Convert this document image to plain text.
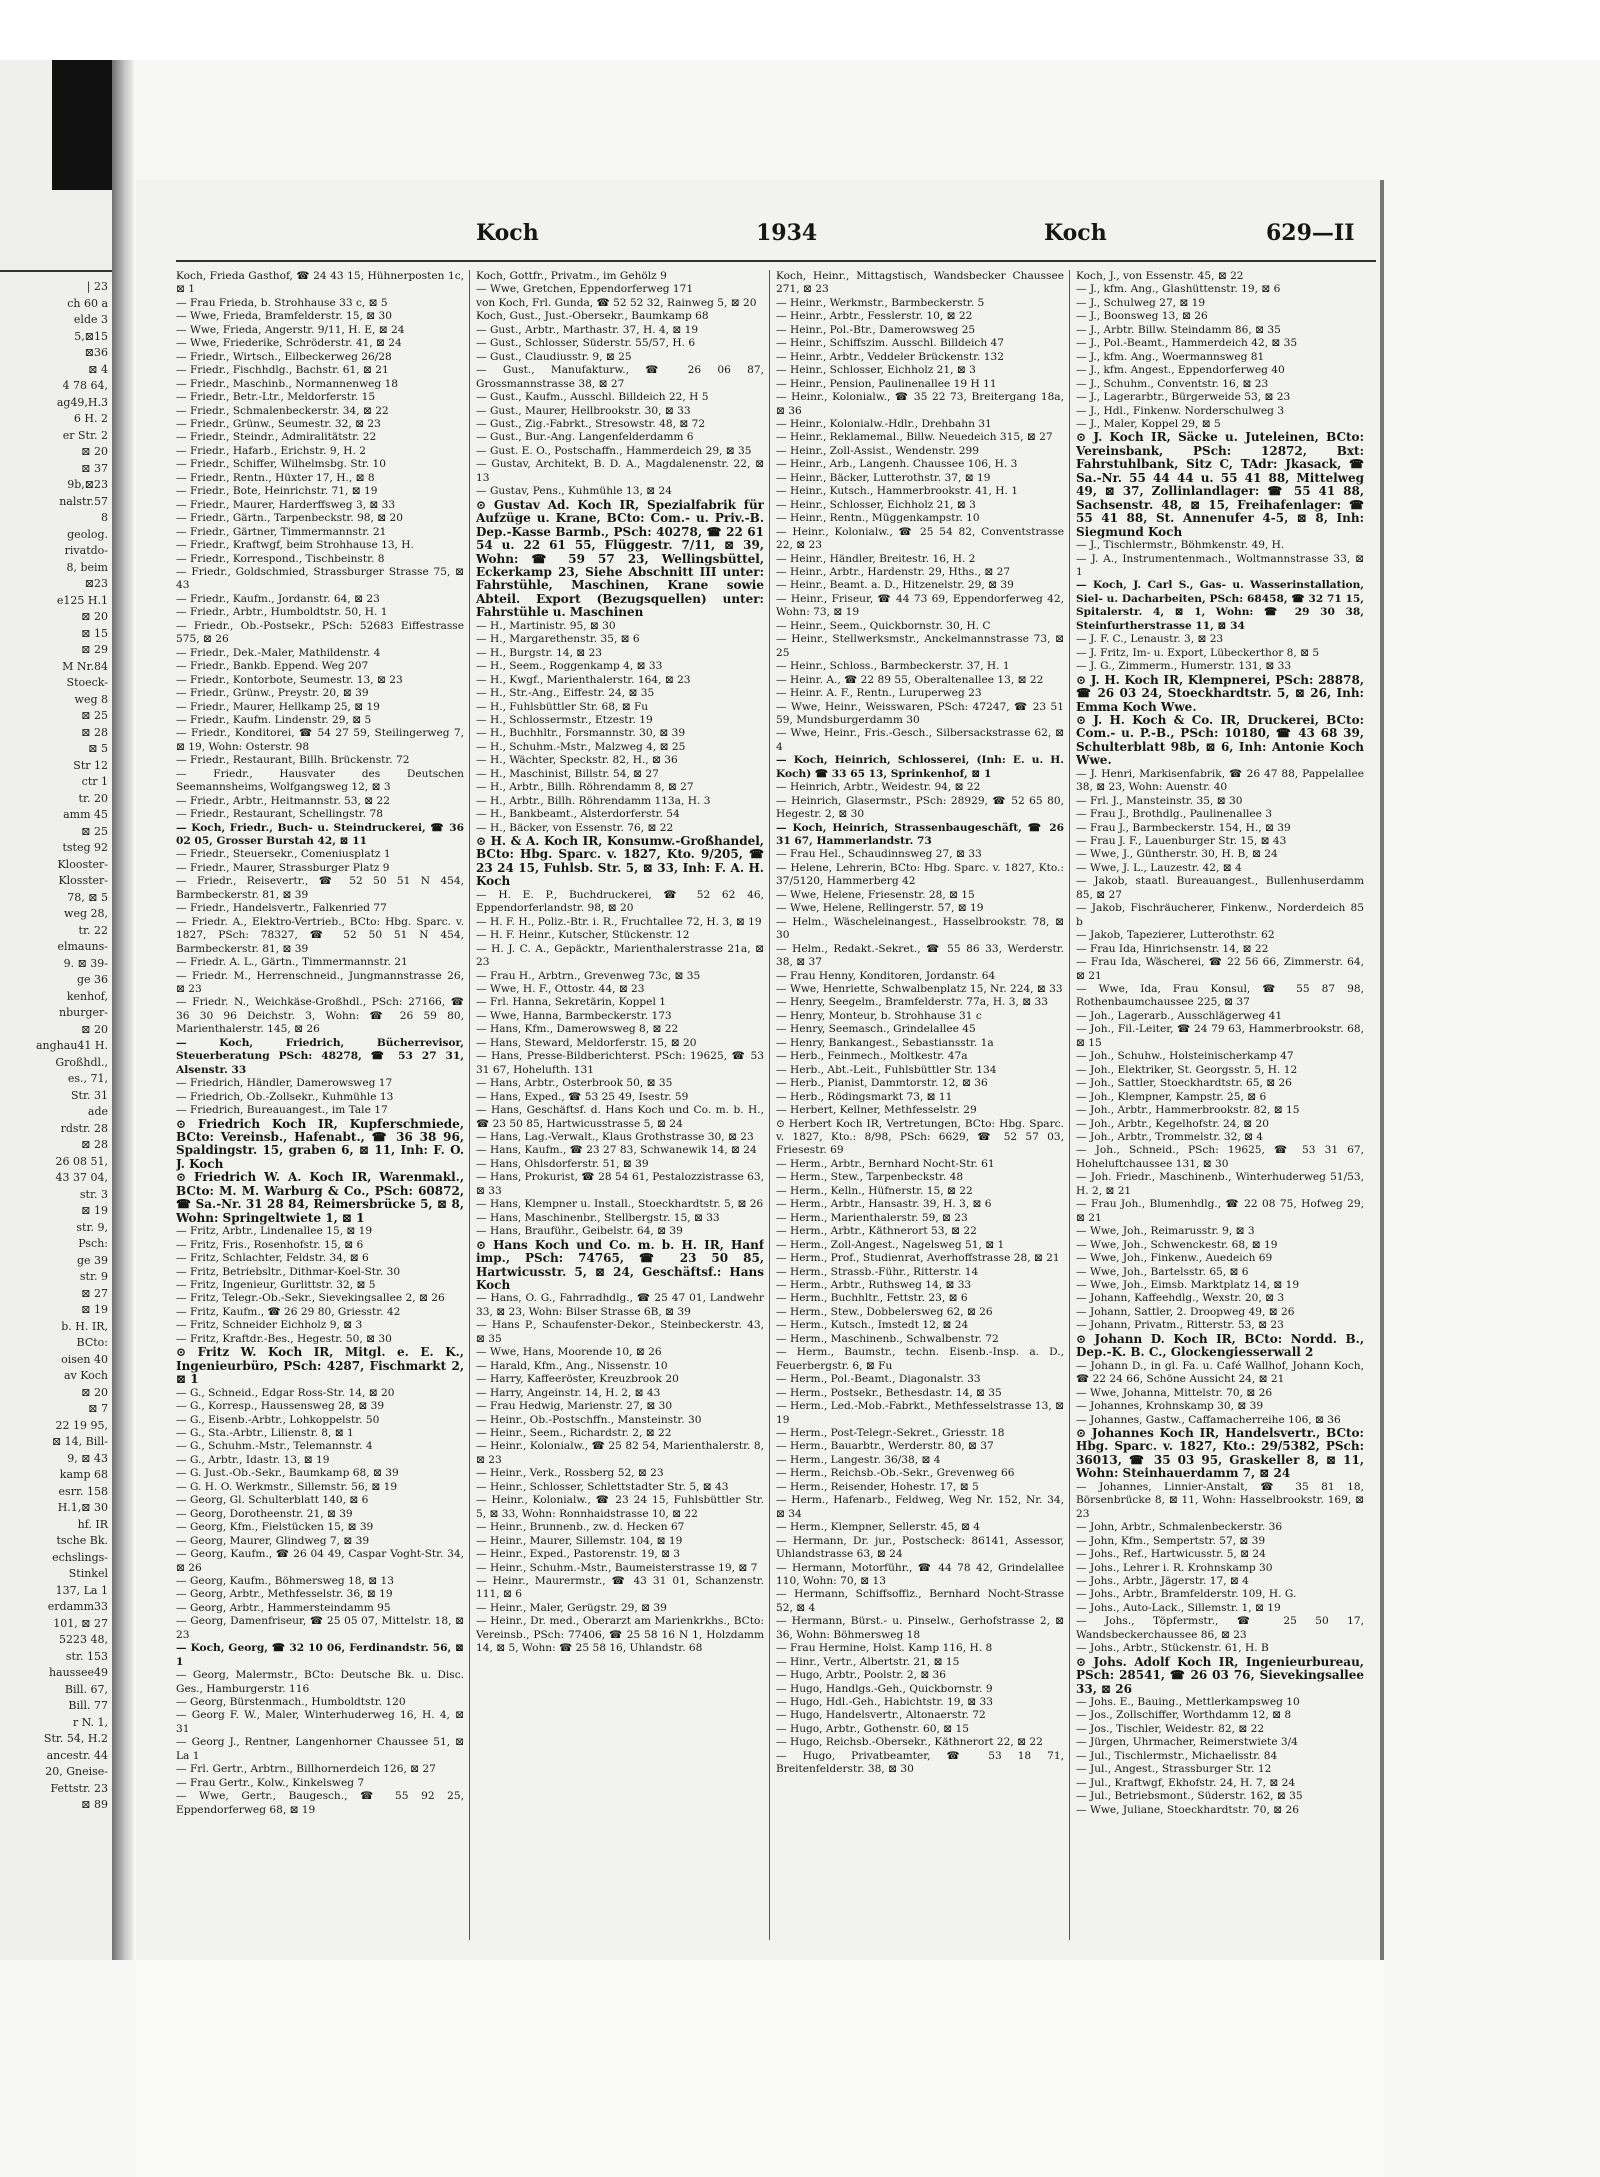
| 23
ch 60 a
elde 3
5,⊠15
⊠36
⊠ 4
4 78 64,
ag49,H.3
6 H. 2
er Str. 2
⊠ 20
⊠ 37
9b,⊠23
nalstr.57
8
geolog.
rivatdo-
8, beim
⊠23
e125 H.1
⊠ 20
⊠ 15
⊠ 29
M Nr.84
Stoeck-
weg 8
⊠ 25
⊠ 28
⊠ 5
Str 12
ctr 1
tr. 20
amm 45
⊠ 25
tsteg 92
Klooster-
Klosster-
78, ⊠ 5
weg 28,
tr. 22
elmauns-
9. ⊠ 39-
ge 36
kenhof,
nburger-
⊠ 20
anghau41 H.
Großhdl.,
es., 71,
Str. 31
ade
rdstr. 28
⊠ 28
26 08 51,
43 37 04,
str. 3
⊠ 19
str. 9,
Psch:
ge 39
str. 9
⊠ 27
⊠ 19
b. H. IR,
BCto:
oisen 40
av Koch
⊠ 20
⊠ 7
22 19 95,
⊠ 14, Bill-
9, ⊠ 43
kamp 68
esrr. 158
H.1,⊠ 30
hf. IR
tsche Bk.
echslings-
Stinkel
137, La 1
erdamm33
101, ⊠ 27
5223 48,
str. 153
haussee49
Bill. 67,
Bill. 77
r N. 1,
Str. 54, H.2
ancestr. 44
20, Gneise-
Fettstr. 23
⊠ 89
Koch	1934	Koch	629—II
Koch, Frieda Gasthof, ☎ 24 43 15, Hühnerposten 1c, ⊠ 1
— Frau Frieda, b. Strohhause 33 c, ⊠ 5
— Wwe, Frieda, Bramfelderstr. 15, ⊠ 30
— Wwe, Frieda, Angerstr. 9/11, H. E, ⊠ 24
— Wwe, Friederike, Schröderstr. 41, ⊠ 24
— Friedr., Wirtsch., Eilbeckerweg 26/28
— Friedr., Fischhdlg., Bachstr. 61, ⊠ 21
— Friedr., Maschinb., Normannenweg 18
— Friedr., Betr.-Ltr., Meldorferstr. 15
— Friedr., Schmalenbeckerstr. 34, ⊠ 22
— Friedr., Grünw., Seumestr. 32, ⊠ 23
— Friedr., Steindr., Admiralitätstr. 22
— Friedr., Hafarb., Erichstr. 9, H. 2
— Friedr., Schiffer, Wilhelmsbg. Str. 10
— Friedr., Rentn., Hüxter 17, H., ⊠ 8
— Friedr., Bote, Heinrichstr. 71, ⊠ 19
— Friedr., Maurer, Harderffsweg 3, ⊠ 33
— Friedr., Gärtn., Tarpenbeckstr. 98, ⊠ 20
— Friedr., Gärtner, Timmermannstr. 21
— Friedr., Kraftwgf, beim Strohhause 13, H.
— Friedr., Korrespond., Tischbeinstr. 8
— Friedr., Goldschmied, Strassburger Strasse 75, ⊠ 43
— Friedr., Kaufm., Jordanstr. 64, ⊠ 23
— Friedr., Arbtr., Humboldtstr. 50, H. 1
— Friedr., Ob.-Postsekr., PSch: 52683 Eiffestrasse 575, ⊠ 26
— Friedr., Dek.-Maler, Mathildenstr. 4
— Friedr., Bankb. Eppend. Weg 207
— Friedr., Kontorbote, Seumestr. 13, ⊠ 23
— Friedr., Grünw., Preystr. 20, ⊠ 39
— Friedr., Maurer, Hellkamp 25, ⊠ 19
— Friedr., Kaufm. Lindenstr. 29, ⊠ 5
— Friedr., Konditorei, ☎ 54 27 59, Steilingerweg 7, ⊠ 19, Wohn: Osterstr. 98
— Friedr., Restaurant, Billh. Brückenstr. 72
— Friedr., Hausvater des Deutschen Seemannsheims, Wolfgangsweg 12, ⊠ 3
— Friedr., Arbtr., Heitmannstr. 53, ⊠ 22
— Friedr., Restaurant, Schellingstr. 78
— Koch, Friedr., Buch- u. Steindruckerei, ☎ 36 02 05, Grosser Burstah 42, ⊠ 11
— Friedr., Steuersekr., Comeniusplatz 1
— Friedr., Maurer, Strassburger Platz 9
— Friedr., Reisevertr., ☎ 52 50 51 N 454, Barmbeckerstr. 81, ⊠ 39
— Friedr., Handelsvertr., Falkenried 77
— Friedr. A., Elektro-Vertrieb., BCto: Hbg. Sparc. v. 1827, PSch: 78327, ☎ 52 50 51 N 454, Barmbeckerstr. 81, ⊠ 39
— Friedr. A. L., Gärtn., Timmermannstr. 21
— Friedr. M., Herrenschneid., Jungmannstrasse 26, ⊠ 23
— Friedr. N., Weichkäse-Großhdl., PSch: 27166, ☎ 36 30 96 Deichstr. 3, Wohn: ☎ 26 59 80, Marienthalerstr. 145, ⊠ 26
— Koch, Friedrich, Bücherrevisor, Steuerberatung PSch: 48278, ☎ 53 27 31, Alsenstr. 33
— Friedrich, Händler, Damerowsweg 17
— Friedrich, Ob.-Zollsekr., Kuhmühle 13
— Friedrich, Bureauangest., im Tale 17
⊙ Friedrich Koch IR, Kupferschmiede, BCto: Vereinsb., Hafenabt., ☎ 36 38 96, Spaldingstr. 15, graben 6, ⊠ 11, Inh: F. O. J. Koch
⊙ Friedrich W. A. Koch IR, Warenmakl., BCto: M. M. Warburg & Co., PSch: 60872, ☎ Sa.-Nr. 31 28 84, Reimersbrücke 5, ⊠ 8, Wohn: Springeltwiete 1, ⊠ 1
— Fritz, Arbtr., Lindenallee 15, ⊠ 19
— Fritz, Fris., Rosenhofstr. 15, ⊠ 6
— Fritz, Schlachter, Feldstr. 34, ⊠ 6
— Fritz, Betriebsltr., Dithmar-Koel-Str. 30
— Fritz, Ingenieur, Gurlittstr. 32, ⊠ 5
— Fritz, Telegr.-Ob.-Sekr., Sievekingsallee 2, ⊠ 26
— Fritz, Kaufm., ☎ 26 29 80, Griesstr. 42
— Fritz, Schneider Eichholz 9, ⊠ 3
— Fritz, Kraftdr.-Bes., Hegestr. 50, ⊠ 30
⊙ Fritz W. Koch IR, Mitgl. e. E. K., Ingenieurbüro, PSch: 4287, Fischmarkt 2, ⊠ 1
— G., Schneid., Edgar Ross-Str. 14, ⊠ 20
— G., Korresp., Haussensweg 28, ⊠ 39
— G., Eisenb.-Arbtr., Lohkoppelstr. 50
— G., Sta.-Arbtr., Lilienstr. 8, ⊠ 1
— G., Schuhm.-Mstr., Telemannstr. 4
— G., Arbtr., Idastr. 13, ⊠ 19
— G. Just.-Ob.-Sekr., Baumkamp 68, ⊠ 39
— G. H. O. Werkmstr., Sillemstr. 56, ⊠ 19
— Georg, Gl. Schulterblatt 140, ⊠ 6
— Georg, Dorotheenstr. 21, ⊠ 39
— Georg, Kfm., Fielstücken 15, ⊠ 39
— Georg, Maurer, Glindweg 7, ⊠ 39
— Georg, Kaufm., ☎ 26 04 49, Caspar Voght-Str. 34, ⊠ 26
— Georg, Kaufm., Böhmersweg 18, ⊠ 13
— Georg, Arbtr., Methfesselstr. 36, ⊠ 19
— Georg, Arbtr., Hammersteindamm 95
— Georg, Damenfriseur, ☎ 25 05 07, Mittelstr. 18, ⊠ 23
— Koch, Georg, ☎ 32 10 06, Ferdinandstr. 56, ⊠ 1
— Georg, Malermstr., BCto: Deutsche Bk. u. Disc. Ges., Hamburgerstr. 116
— Georg, Bürstenmach., Humboldtstr. 120
— Georg F. W., Maler, Winterhuderweg 16, H. 4, ⊠ 31
— Georg J., Rentner, Langenhorner Chaussee 51, ⊠ La 1
— Frl. Gertr., Arbtrn., Billhornerdeich 126, ⊠ 27
— Frau Gertr., Kolw., Kinkelsweg 7
— Wwe, Gertr., Baugesch., ☎ 55 92 25, Eppendorferweg 68, ⊠ 19
Koch, Gottfr., Privatm., im Gehölz 9
— Wwe, Gretchen, Eppendorferweg 171
von Koch, Frl. Gunda, ☎ 52 52 32, Rainweg 5, ⊠ 20
Koch, Gust., Just.-Obersekr., Baumkamp 68
— Gust., Arbtr., Marthastr. 37, H. 4, ⊠ 19
— Gust., Schlosser, Süderstr. 55/57, H. 6
— Gust., Claudiusstr. 9, ⊠ 25
— Gust., Manufakturw., ☎ 26 06 87, Grossmannstrasse 38, ⊠ 27
— Gust., Kaufm., Ausschl. Billdeich 22, H 5
— Gust., Maurer, Hellbrookstr. 30, ⊠ 33
— Gust., Zig.-Fabrkt., Stresowstr. 48, ⊠ 72
— Gust., Bur.-Ang. Langenfelderdamm 6
— Gust. E. O., Postschaffn., Hammerdeich 29, ⊠ 35
— Gustav, Architekt, B. D. A., Magdalenenstr. 22, ⊠ 13
— Gustav, Pens., Kuhmühle 13, ⊠ 24
⊙ Gustav Ad. Koch IR, Spezialfabrik für Aufzüge u. Krane, BCto: Com.- u. Priv.-B. Dep.-Kasse Barmb., PSch: 40278, ☎ 22 61 54 u. 22 61 55, Flüggestr. 7/11, ⊠ 39, Wohn: ☎ 59 57 23, Wellingsbüttel, Eckerkamp 23, Siehe Abschnitt III unter: Fahrstühle, Maschinen, Krane sowie Abteil. Export (Bezugsquellen) unter: Fahrstühle u. Maschinen
— H., Martinistr. 95, ⊠ 30
— H., Margarethenstr. 35, ⊠ 6
— H., Burgstr. 14, ⊠ 23
— H., Seem., Roggenkamp 4, ⊠ 33
— H., Kwgf., Marienthalerstr. 164, ⊠ 23
— H., Str.-Ang., Eiffestr. 24, ⊠ 35
— H., Fuhlsbüttler Str. 68, ⊠ Fu
— H., Schlossermstr., Etzestr. 19
— H., Buchhltr., Forsmannstr. 30, ⊠ 39
— H., Schuhm.-Mstr., Malzweg 4, ⊠ 25
— H., Wächter, Speckstr. 82, H., ⊠ 36
— H., Maschinist, Billstr. 54, ⊠ 27
— H., Arbtr., Billh. Röhrendamm 8, ⊠ 27
— H., Arbtr., Billh. Röhrendamm 113a, H. 3
— H., Bankbeamt., Alsterdorferstr. 54
— H., Bäcker, von Essenstr. 76, ⊠ 22
⊙ H. & A. Koch IR, Konsumw.-Großhandel, BCto: Hbg. Sparc. v. 1827, Kto. 9/205, ☎ 23 24 15, Fuhlsb. Str. 5, ⊠ 33, Inh: F. A. H. Koch
— H. E. P., Buchdruckerei, ☎ 52 62 46, Eppendorferlandstr. 98, ⊠ 20
— H. F. H., Poliz.-Btr. i. R., Fruchtallee 72, H. 3, ⊠ 19
— H. F. Heinr., Kutscher, Stückenstr. 12
— H. J. C. A., Gepäcktr., Marienthalerstrasse 21a, ⊠ 23
— Frau H., Arbtrn., Grevenweg 73c, ⊠ 35
— Wwe, H. F., Ottostr. 44, ⊠ 23
— Frl. Hanna, Sekretärin, Koppel 1
— Wwe, Hanna, Barmbeckerstr. 173
— Hans, Kfm., Damerowsweg 8, ⊠ 22
— Hans, Steward, Meldorferstr. 15, ⊠ 20
— Hans, Presse-Bildberichterst. PSch: 19625, ☎ 53 31 67, Hohelufth. 131
— Hans, Arbtr., Osterbrook 50, ⊠ 35
— Hans, Exped., ☎ 53 25 49, Isestr. 59
— Hans, Geschäftsf. d. Hans Koch und Co. m. b. H., ☎ 23 50 85, Hartwicusstrasse 5, ⊠ 24
— Hans, Lag.-Verwalt., Klaus Grothstrasse 30, ⊠ 23
— Hans, Kaufm., ☎ 23 27 83, Schwanewik 14, ⊠ 24
— Hans, Ohlsdorferstr. 51, ⊠ 39
— Hans, Prokurist, ☎ 28 54 61, Pestalozzistrasse 63, ⊠ 33
— Hans, Klempner u. Install., Stoeckhardtstr. 5, ⊠ 26
— Hans, Maschinenbr., Stellbergstr. 15, ⊠ 33
— Hans, Brauführ., Geibelstr. 64, ⊠ 39
⊙ Hans Koch und Co. m. b. H. IR, Hanf imp., PSch: 74765, ☎ 23 50 85, Hartwicusstr. 5, ⊠ 24, Geschäftsf.: Hans Koch
— Hans, O. G., Fahrradhdlg., ☎ 25 47 01, Landwehr 33, ⊠ 23, Wohn: Bilser Strasse 6B, ⊠ 39
— Hans P., Schaufenster-Dekor., Steinbeckerstr. 43, ⊠ 35
— Wwe, Hans, Moorende 10, ⊠ 26
— Harald, Kfm., Ang., Nissenstr. 10
— Harry, Kaffeeröster, Kreuzbrook 20
— Harry, Angeinstr. 14, H. 2, ⊠ 43
— Frau Hedwig, Marienstr. 27, ⊠ 30
— Heinr., Ob.-Postschffn., Mansteinstr. 30
— Heinr., Seem., Richardstr. 2, ⊠ 22
— Heinr., Kolonialw., ☎ 25 82 54, Marienthalerstr. 8, ⊠ 23
— Heinr., Verk., Rossberg 52, ⊠ 23
— Heinr., Schlosser, Schlettstadter Str. 5, ⊠ 43
— Heinr., Kolonialw., ☎ 23 24 15, Fuhlsbüttler Str. 5, ⊠ 33, Wohn: Ronnhaidstrasse 10, ⊠ 22
— Heinr., Brunnenb., zw. d. Hecken 67
— Heinr., Maurer, Sillemstr. 104, ⊠ 19
— Heinr., Exped., Pastorenstr. 19, ⊠ 3
— Heinr., Schuhm.-Mstr., Baumeisterstrasse 19, ⊠ 7
— Heinr., Maurermstr., ☎ 43 31 01, Schanzenstr. 111, ⊠ 6
— Heinr., Maler, Gerügstr. 29, ⊠ 39
— Heinr., Dr. med., Oberarzt am Marienkrkhs., BCto: Vereinsb., PSch: 77406, ☎ 25 58 16 N 1, Holzdamm 14, ⊠ 5, Wohn: ☎ 25 58 16, Uhlandstr. 68
Koch, Heinr., Mittagstisch, Wandsbecker Chaussee 271, ⊠ 23
— Heinr., Werkmstr., Barmbeckerstr. 5
— Heinr., Arbtr., Fesslerstr. 10, ⊠ 22
— Heinr., Pol.-Btr., Damerowsweg 25
— Heinr., Schiffszim. Ausschl. Billdeich 47
— Heinr., Arbtr., Veddeler Brückenstr. 132
— Heinr., Schlosser, Eichholz 21, ⊠ 3
— Heinr., Pension, Paulinenallee 19 H 11
— Heinr., Kolonialw., ☎ 35 22 73, Breitergang 18a, ⊠ 36
— Heinr., Kolonialw.-Hdlr., Drehbahn 31
— Heinr., Reklamemal., Billw. Neuedeich 315, ⊠ 27
— Heinr., Zoll-Assist., Wendenstr. 299
— Heinr., Arb., Langenh. Chaussee 106, H. 3
— Heinr., Bäcker, Lutterothstr. 37, ⊠ 19
— Heinr., Kutsch., Hammerbrookstr. 41, H. 1
— Heinr., Schlosser, Eichholz 21, ⊠ 3
— Heinr., Rentn., Müggenkampstr. 10
— Heinr., Kolonialw., ☎ 25 54 82, Conventstrasse 22, ⊠ 23
— Heinr., Händler, Breitestr. 16, H. 2
— Heinr., Arbtr., Hardenstr. 29, Hths., ⊠ 27
— Heinr., Beamt. a. D., Hitzenelstr. 29, ⊠ 39
— Heinr., Friseur, ☎ 44 73 69, Eppendorferweg 42, Wohn: 73, ⊠ 19
— Heinr., Seem., Quickbornstr. 30, H. C
— Heinr., Stellwerksmstr., Anckelmannstrasse 73, ⊠ 25
— Heinr., Schloss., Barmbeckerstr. 37, H. 1
— Heinr. A., ☎ 22 89 55, Oberaltenallee 13, ⊠ 22
— Heinr. A. F., Rentn., Luruperweg 23
— Wwe, Heinr., Weisswaren, PSch: 47247, ☎ 23 51 59, Mundsburgerdamm 30
— Wwe, Heinr., Fris.-Gesch., Silbersackstrasse 62, ⊠ 4
— Koch, Heinrich, Schlosserei, (Inh: E. u. H. Koch) ☎ 33 65 13, Sprinkenhof, ⊠ 1
— Heinrich, Arbtr., Weidestr. 94, ⊠ 22
— Heinrich, Glasermstr., PSch: 28929, ☎ 52 65 80, Hegestr. 2, ⊠ 30
— Koch, Heinrich, Strassenbaugeschäft, ☎ 26 31 67, Hammerlandstr. 73
— Frau Hel., Schaudinnsweg 27, ⊠ 33
— Helene, Lehrerin, BCto: Hbg. Sparc. v. 1827, Kto.: 37/5120, Hammerberg 42
— Wwe, Helene, Friesenstr. 28, ⊠ 15
— Wwe, Helene, Rellingerstr. 57, ⊠ 19
— Helm., Wäscheleinangest., Hasselbrookstr. 78, ⊠ 30
— Helm., Redakt.-Sekret., ☎ 55 86 33, Werderstr. 38, ⊠ 37
— Frau Henny, Konditoren, Jordanstr. 64
— Wwe, Henriette, Schwalbenplatz 15, Nr. 224, ⊠ 33
— Henry, Seegelm., Bramfelderstr. 77a, H. 3, ⊠ 33
— Henry, Monteur, b. Strohhause 31 c
— Henry, Seemasch., Grindelallee 45
— Henry, Bankangest., Sebastiansstr. 1a
— Herb., Feinmech., Moltkestr. 47a
— Herb., Abt.-Leit., Fuhlsbüttler Str. 134
— Herb., Pianist, Dammtorstr. 12, ⊠ 36
— Herb., Rödingsmarkt 73, ⊠ 11
— Herbert, Kellner, Methfesselstr. 29
⊙ Herbert Koch IR, Vertretungen, BCto: Hbg. Sparc. v. 1827, Kto.: 8/98, PSch: 6629, ☎ 52 57 03, Friesestr. 69
— Herm., Arbtr., Bernhard Nocht-Str. 61
— Herm., Stew., Tarpenbeckstr. 48
— Herm., Kelln., Hüfnerstr. 15, ⊠ 22
— Herm., Arbtr., Hansastr. 39, H. 3, ⊠ 6
— Herm., Marienthalerstr. 59, ⊠ 23
— Herm., Arbtr., Käthnerort 53, ⊠ 22
— Herm., Zoll-Angest., Nagelsweg 51, ⊠ 1
— Herm., Prof., Studienrat, Averhoffstrasse 28, ⊠ 21
— Herm., Strassb.-Führ., Ritterstr. 14
— Herm., Arbtr., Ruthsweg 14, ⊠ 33
— Herm., Buchhltr., Fettstr. 23, ⊠ 6
— Herm., Stew., Dobbelersweg 62, ⊠ 26
— Herm., Kutsch., Imstedt 12, ⊠ 24
— Herm., Maschinenb., Schwalbenstr. 72
— Herm., Baumstr., techn. Eisenb.-Insp. a. D., Feuerbergstr. 6, ⊠ Fu
— Herm., Pol.-Beamt., Diagonalstr. 33
— Herm., Postsekr., Bethesdastr. 14, ⊠ 35
— Herm., Led.-Mob.-Fabrkt., Methfesselstrasse 13, ⊠ 19
— Herm., Post-Telegr.-Sekret., Griesstr. 18
— Herm., Bauarbtr., Werderstr. 80, ⊠ 37
— Herm., Langestr. 36/38, ⊠ 4
— Herm., Reichsb.-Ob.-Sekr., Grevenweg 66
— Herm., Reisender, Hohestr. 17, ⊠ 5
— Herm., Hafenarb., Feldweg, Weg Nr. 152, Nr. 34, ⊠ 34
— Herm., Klempner, Sellerstr. 45, ⊠ 4
— Hermann, Dr. jur., Postscheck: 86141, Assessor, Uhlandstrasse 63, ⊠ 24
— Hermann, Motorführ., ☎ 44 78 42, Grindelallee 110, Wohn: 70, ⊠ 13
— Hermann, Schiffsoffiz., Bernhard Nocht-Strasse 52, ⊠ 4
— Hermann, Bürst.- u. Pinselw., Gerhofstrasse 2, ⊠ 36, Wohn: Böhmersweg 18
— Frau Hermine, Holst. Kamp 116, H. 8
— Hinr., Vertr., Albertstr. 21, ⊠ 15
— Hugo, Arbtr., Poolstr. 2, ⊠ 36
— Hugo, Handlgs.-Geh., Quickbornstr. 9
— Hugo, Hdl.-Geh., Habichtstr. 19, ⊠ 33
— Hugo, Handelsvertr., Altonaerstr. 72
— Hugo, Arbtr., Gothenstr. 60, ⊠ 15
— Hugo, Reichsb.-Obersekr., Käthnerort 22, ⊠ 22
— Hugo, Privatbeamter, ☎ 53 18 71, Breitenfelderstr. 38, ⊠ 30
Koch, J., von Essenstr. 45, ⊠ 22
— J., kfm. Ang., Glashüttenstr. 19, ⊠ 6
— J., Schulweg 27, ⊠ 19
— J., Boonsweg 13, ⊠ 26
— J., Arbtr. Billw. Steindamm 86, ⊠ 35
— J., Pol.-Beamt., Hammerdeich 42, ⊠ 35
— J., kfm. Ang., Woermannsweg 81
— J., kfm. Angest., Eppendorferweg 40
— J., Schuhm., Conventstr. 16, ⊠ 23
— J., Lagerarbtr., Bürgerweide 53, ⊠ 23
— J., Hdl., Finkenw. Norderschulweg 3
— J., Maler, Koppel 29, ⊠ 5
⊙ J. Koch IR, Säcke u. Juteleinen, BCto: Vereinsbank, PSch: 12872, Bxt: Fahrstuhlbank, Sitz C, TAdr: Jkasack, ☎ Sa.-Nr. 55 44 44 u. 55 41 88, Mittelweg 49, ⊠ 37, Zollinlandlager: ☎ 55 41 88, Sachsenstr. 48, ⊠ 15, Freihafenlager: ☎ 55 41 88, St. Annenufer 4-5, ⊠ 8, Inh: Siegmund Koch
— J., Tischlermstr., Böhmkenstr. 49, H.
— J. A., Instrumentenmach., Woltmannstrasse 33, ⊠ 1
— Koch, J. Carl S., Gas- u. Wasserinstallation, Siel- u. Dacharbeiten, PSch: 68458, ☎ 32 71 15, Spitalerstr. 4, ⊠ 1, Wohn: ☎ 29 30 38, Steinfurtherstrasse 11, ⊠ 34
— J. F. C., Lenaustr. 3, ⊠ 23
— J. Fritz, Im- u. Export, Lübeckerthor 8, ⊠ 5
— J. G., Zimmerm., Humerstr. 131, ⊠ 33
⊙ J. H. Koch IR, Klempnerei, PSch: 28878, ☎ 26 03 24, Stoeckhardtstr. 5, ⊠ 26, Inh: Emma Koch Wwe.
⊙ J. H. Koch & Co. IR, Druckerei, BCto: Com.- u. P.-B., PSch: 10180, ☎ 43 68 39, Schulterblatt 98b, ⊠ 6, Inh: Antonie Koch Wwe.
— J. Henri, Markisenfabrik, ☎ 26 47 88, Pappelallee 38, ⊠ 23, Wohn: Auenstr. 40
— Frl. J., Mansteinstr. 35, ⊠ 30
— Frau J., Brothdlg., Paulinenallee 3
— Frau J., Barmbeckerstr. 154, H., ⊠ 39
— Frau J. F., Lauenburger Str. 15, ⊠ 43
— Wwe, J., Güntherstr. 30, H. B, ⊠ 24
— Wwe, J. L., Lauzestr. 42, ⊠ 4
— Jakob, staatl. Bureauangest., Bullenhuserdamm 85, ⊠ 27
— Jakob, Fischräucherer, Finkenw., Norderdeich 85 b
— Jakob, Tapezierer, Lutterothstr. 62
— Frau Ida, Hinrichsenstr. 14, ⊠ 22
— Frau Ida, Wäscherei, ☎ 22 56 66, Zimmerstr. 64, ⊠ 21
— Wwe, Ida, Frau Konsul, ☎ 55 87 98, Rothenbaumchaussee 225, ⊠ 37
— Joh., Lagerarb., Ausschlägerweg 41
— Joh., Fil.-Leiter, ☎ 24 79 63, Hammerbrookstr. 68, ⊠ 15
— Joh., Schuhw., Holsteinischerkamp 47
— Joh., Elektriker, St. Georgsstr. 5, H. 12
— Joh., Sattler, Stoeckhardtstr. 65, ⊠ 26
— Joh., Klempner, Kampstr. 25, ⊠ 6
— Joh., Arbtr., Hammerbrookstr. 82, ⊠ 15
— Joh., Arbtr., Kegelhofstr. 24, ⊠ 20
— Joh., Arbtr., Trommelstr. 32, ⊠ 4
— Joh., Schneid., PSch: 19625, ☎ 53 31 67, Hoheluftchaussee 131, ⊠ 30
— Joh. Friedr., Maschinenb., Winterhuderweg 51/53, H. 2, ⊠ 21
— Frau Joh., Blumenhdlg., ☎ 22 08 75, Hofweg 29, ⊠ 21
— Wwe, Joh., Reimarusstr. 9, ⊠ 3
— Wwe, Joh., Schwenckestr. 68, ⊠ 19
— Wwe, Joh., Finkenw., Auedeich 69
— Wwe, Joh., Bartelsstr. 65, ⊠ 6
— Wwe, Joh., Eimsb. Marktplatz 14, ⊠ 19
— Johann, Kaffeehdlg., Wexstr. 20, ⊠ 3
— Johann, Sattler, 2. Droopweg 49, ⊠ 26
— Johann, Privatm., Ritterstr. 53, ⊠ 23
⊙ Johann D. Koch IR, BCto: Nordd. B., Dep.-K. B. C., Glockengiesserwall 2
— Johann D., in gl. Fa. u. Café Wallhof, Johann Koch, ☎ 22 24 66, Schöne Aussicht 24, ⊠ 21
— Wwe, Johanna, Mittelstr. 70, ⊠ 26
— Johannes, Krohnskamp 30, ⊠ 39
— Johannes, Gastw., Caffamacherreihe 106, ⊠ 36
⊙ Johannes Koch IR, Handelsvertr., BCto: Hbg. Sparc. v. 1827, Kto.: 29/5382, PSch: 36013, ☎ 35 03 95, Graskeller 8, ⊠ 11, Wohn: Steinhauerdamm 7, ⊠ 24
— Johannes, Linnier-Anstalt, ☎ 35 81 18, Börsenbrücke 8, ⊠ 11, Wohn: Hasselbrookstr. 169, ⊠ 23
— John, Arbtr., Schmalenbeckerstr. 36
— John, Kfm., Sempertstr. 57, ⊠ 39
— Johs., Ref., Hartwicusstr. 5, ⊠ 24
— Johs., Lehrer i. R. Krohnskamp 30
— Johs., Arbtr., Jägerstr. 17, ⊠ 4
— Johs., Arbtr., Bramfelderstr. 109, H. G.
— Johs., Auto-Lack., Sillemstr. 1, ⊠ 19
— Johs., Töpfermstr., ☎ 25 50 17, Wandsbeckerchaussee 86, ⊠ 23
— Johs., Arbtr., Stückenstr. 61, H. B
⊙ Johs. Adolf Koch IR, Ingenieurbureau, PSch: 28541, ☎ 26 03 76, Sievekingsallee 33, ⊠ 26
— Johs. E., Bauing., Mettlerkampsweg 10
— Jos., Zollschiffer, Worthdamm 12, ⊠ 8
— Jos., Tischler, Weidestr. 82, ⊠ 22
— Jürgen, Uhrmacher, Reimerstwiete 3/4
— Jul., Tischlermstr., Michaelisstr. 84
— Jul., Angest., Strassburger Str. 12
— Jul., Kraftwgf, Ekhofstr. 24, H. 7, ⊠ 24
— Jul., Betriebsmont., Süderstr. 162, ⊠ 35
— Wwe, Juliane, Stoeckhardtstr. 70, ⊠ 26
